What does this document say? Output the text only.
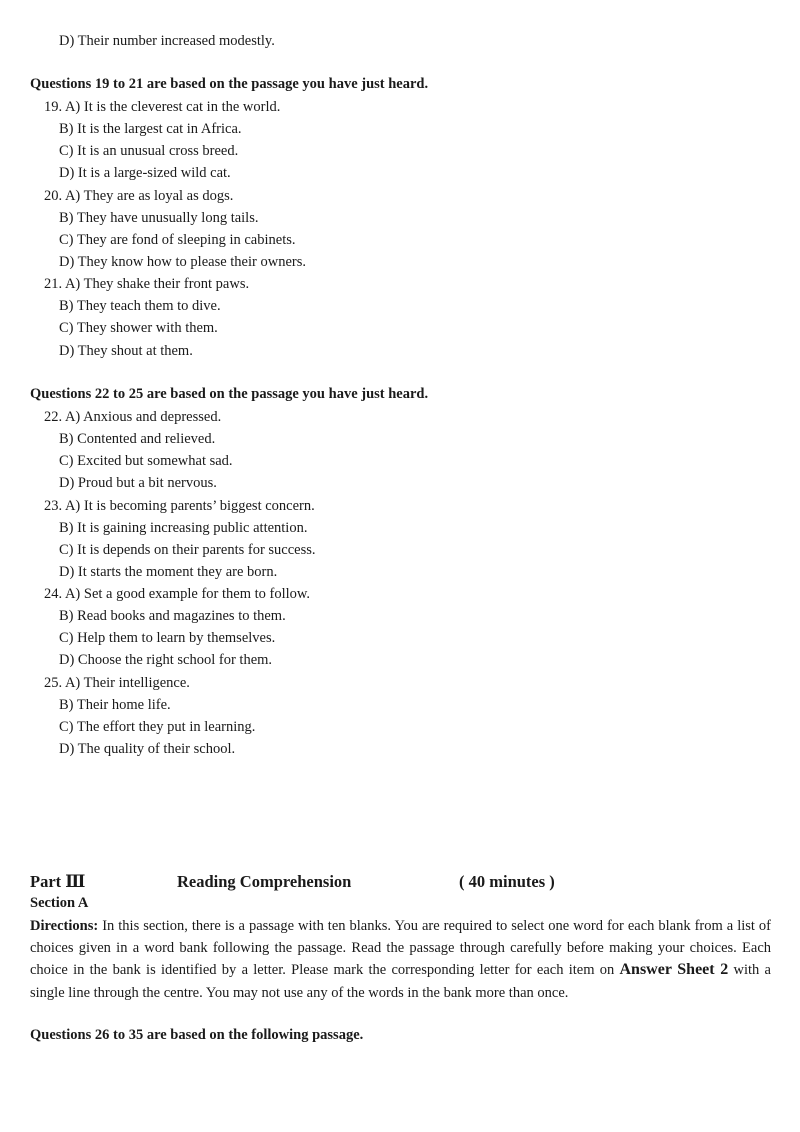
D) Their number increased modestly.
Questions 19 to 21 are based on the passage you have just heard.
19. A) It is the cleverest cat in the world.
B) It is the largest cat in Africa.
C) It is an unusual cross breed.
D) It is a large-sized wild cat.
20. A) They are as loyal as dogs.
B) They have unusually long tails.
C) They are fond of sleeping in cabinets.
D) They know how to please their owners.
21. A) They shake their front paws.
B) They teach them to dive.
C) They shower with them.
D) They shout at them.
Questions 22 to 25 are based on the passage you have just heard.
22. A) Anxious and depressed.
B) Contented and relieved.
C) Excited but somewhat sad.
D) Proud but a bit nervous.
23. A) It is becoming parents’ biggest concern.
B) It is gaining increasing public attention.
C) It is depends on their parents for success.
D) It starts the moment they are born.
24. A) Set a good example for them to follow.
B) Read books and magazines to them.
C) Help them to learn by themselves.
D) Choose the right school for them.
25. A) Their intelligence.
B) Their home life.
C) The effort they put in learning.
D) The quality of their school.
Part Ⅲ	Reading Comprehension	( 40 minutes )
Section A
Directions: In this section, there is a passage with ten blanks. You are required to select one word for each blank from a list of choices given in a word bank following the passage. Read the passage through carefully before making your choices. Each choice in the bank is identified by a letter. Please mark the corresponding letter for each item on Answer Sheet 2 with a single line through the centre. You may not use any of the words in the bank more than once.
Questions 26 to 35 are based on the following passage.
